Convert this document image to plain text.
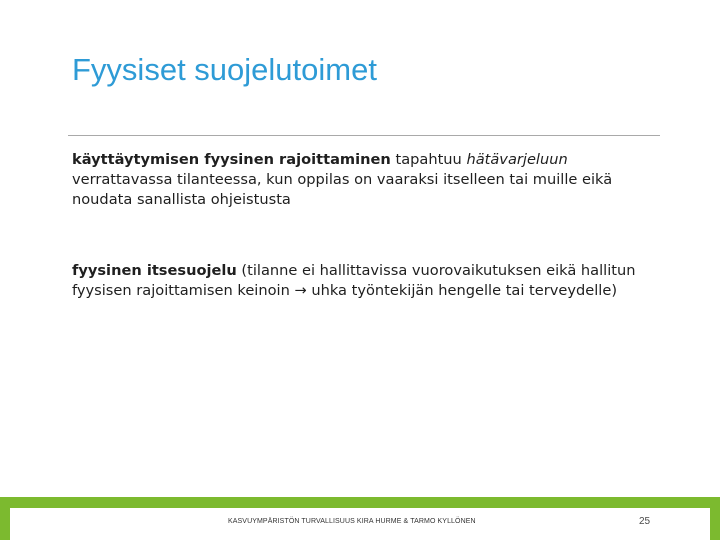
Fyysiset suojelutoimet

käyttäytymisen fyysinen rajoittaminen tapahtuu hätävarjeluun verrattavassa tilanteessa, kun oppilas on vaaraksi itselleen tai muille eikä noudata sanallista ohjeistusta

fyysinen itsesuojelu (tilanne ei hallittavissa vuorovaikutuksen eikä hallitun fyysisen rajoittamisen keinoin → uhka työntekijän hengelle tai terveydelle)

KASVUYMPÄRISTÖN TURVALLISUUS KIRA HURME & TARMO KYLLÖNEN	25
